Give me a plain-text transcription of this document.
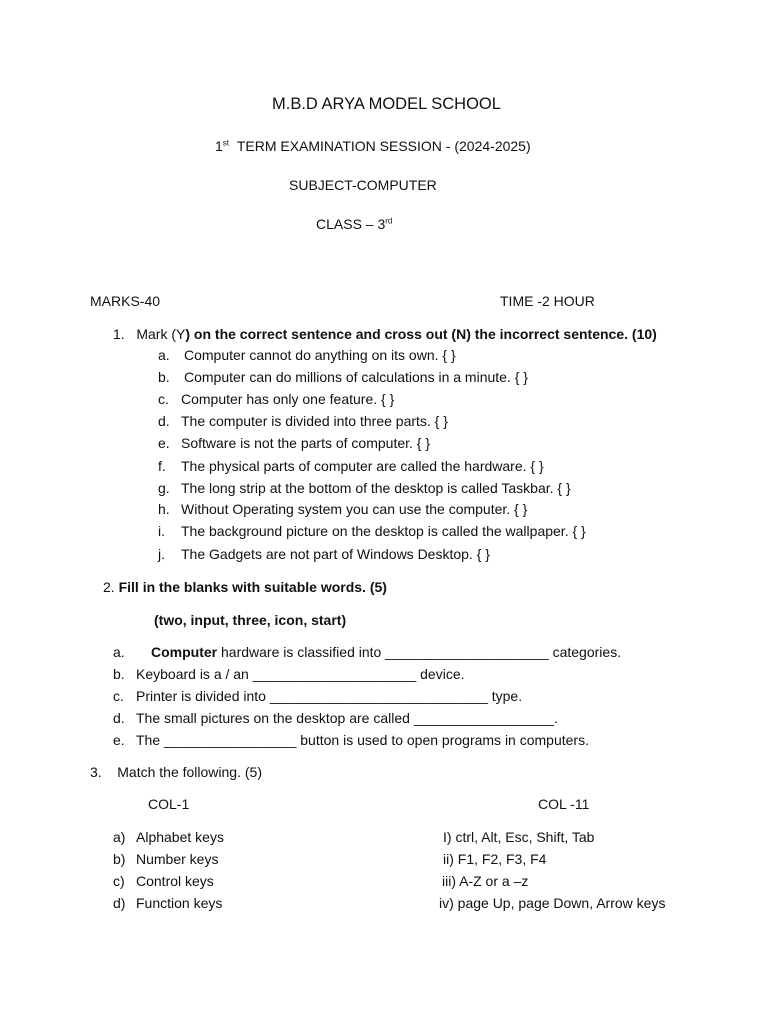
M.B.D ARYA MODEL SCHOOL
1st TERM EXAMINATION SESSION - (2024-2025)
SUBJECT-COMPUTER
CLASS – 3rd
MARKS-40	TIME -2 HOUR
1. Mark (Y) on the correct sentence and cross out (N) the incorrect sentence. (10)
a. Computer cannot do anything on its own. { }
b. Computer can do millions of calculations in a minute. { }
c. Computer has only one feature. { }
d. The computer is divided into three parts. { }
e. Software is not the parts of computer. { }
f. The physical parts of computer are called the hardware. { }
g. The long strip at the bottom of the desktop is called Taskbar. { }
h. Without Operating system you can use the computer. { }
i. The background picture on the desktop is called the wallpaper. { }
j. The Gadgets are not part of Windows Desktop. { }
2. Fill in the blanks with suitable words. (5)
(two, input, three, icon, start)
a. Computer hardware is classified into _____________________ categories.
b. Keyboard is a / an _____________________ device.
c. Printer is divided into ____________________________ type.
d. The small pictures on the desktop are called __________________.
e. The _________________ button is used to open programs in computers.
3. Match the following. (5)
COL-1	COL -11
a) Alphabet keys
b) Number keys
c) Control keys
d) Function keys
I) ctrl, Alt, Esc, Shift, Tab
ii) F1, F2, F3, F4
iii) A-Z or a –z
iv) page Up, page Down, Arrow keys
